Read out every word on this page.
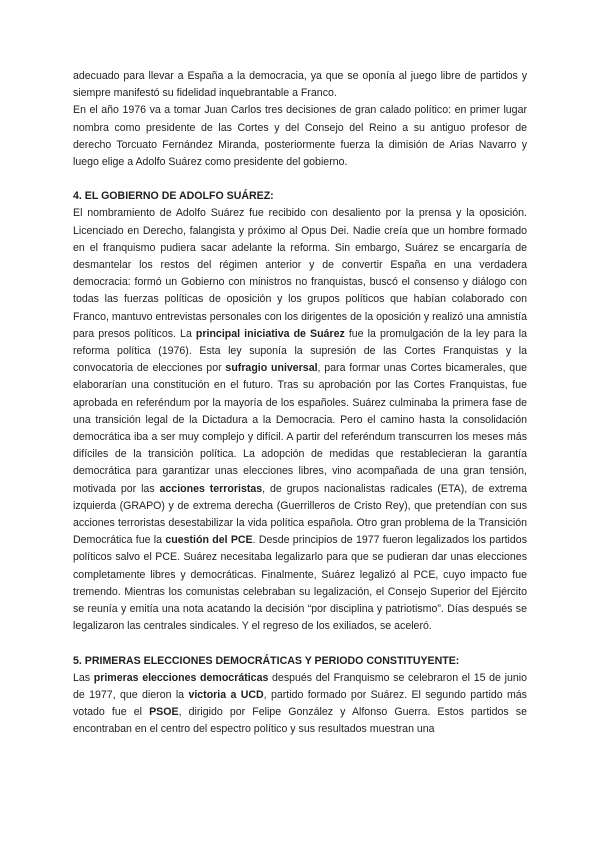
adecuado para llevar a España a la democracia, ya que se oponía al juego libre de partidos y siempre manifestó su fidelidad inquebrantable a Franco.

En el año 1976 va a tomar Juan Carlos tres decisiones de gran calado político: en primer lugar nombra como presidente de las Cortes y del Consejo del Reino a su antiguo profesor de derecho Torcuato Fernández Miranda, posteriormente fuerza la dimisión de Arias Navarro y luego elige a Adolfo Suárez como presidente del gobierno.

4. EL GOBIERNO DE ADOLFO SUÁREZ:

El nombramiento de Adolfo Suárez fue recibido con desaliento por la prensa y la oposición. Licenciado en Derecho, falangista y próximo al Opus Dei. Nadie creía que un hombre formado en el franquismo pudiera sacar adelante la reforma. Sin embargo, Suárez se encargaría de desmantelar los restos del régimen anterior y de convertir España en una verdadera democracia: formó un Gobierno con ministros no franquistas, buscó el consenso y diálogo con todas las fuerzas políticas de oposición y los grupos políticos que habían colaborado con Franco, mantuvo entrevistas personales con los dirigentes de la oposición y realizó una amnistía para presos políticos. La principal iniciativa de Suárez fue la promulgación de la ley para la reforma política (1976). Esta ley suponía la supresión de las Cortes Franquistas y la convocatoria de elecciones por sufragio universal, para formar unas Cortes bicamerales, que elaborarían una constitución en el futuro. Tras su aprobación por las Cortes Franquistas, fue aprobada en referéndum por la mayoría de los españoles. Suárez culminaba la primera fase de una transición legal de la Dictadura a la Democracia. Pero el camino hasta la consolidación democrática iba a ser muy complejo y difícil. A partir del referéndum transcurren los meses más difíciles de la transición política. La adopción de medidas que restablecieran la garantía democrática para garantizar unas elecciones libres, vino acompañada de una gran tensión, motivada por las acciones terroristas, de grupos nacionalistas radicales (ETA), de extrema izquierda (GRAPO) y de extrema derecha (Guerrilleros de Cristo Rey), que pretendían con sus acciones terroristas desestabilizar la vida política española. Otro gran problema de la Transición Democrática fue la cuestión del PCE. Desde principios de 1977 fueron legalizados los partidos políticos salvo el PCE. Suárez necesitaba legalizarlo para que se pudieran dar unas elecciones completamente libres y democráticas. Finalmente, Suárez legalizó al PCE, cuyo impacto fue tremendo. Mientras los comunistas celebraban su legalización, el Consejo Superior del Ejército se reunía y emitía una nota acatando la decisión “por disciplina y patriotismo”. Días después se legalizaron las centrales sindicales. Y el regreso de los exiliados, se aceleró.

5. PRIMERAS ELECCIONES DEMOCRÁTICAS Y PERIODO CONSTITUYENTE:

Las primeras elecciones democráticas después del Franquismo se celebraron el 15 de junio de 1977, que dieron la victoria a UCD, partido formado por Suárez. El segundo partido más votado fue el PSOE, dirigido por Felipe González y Alfonso Guerra. Estos partidos se encontraban en el centro del espectro político y sus resultados muestran una
